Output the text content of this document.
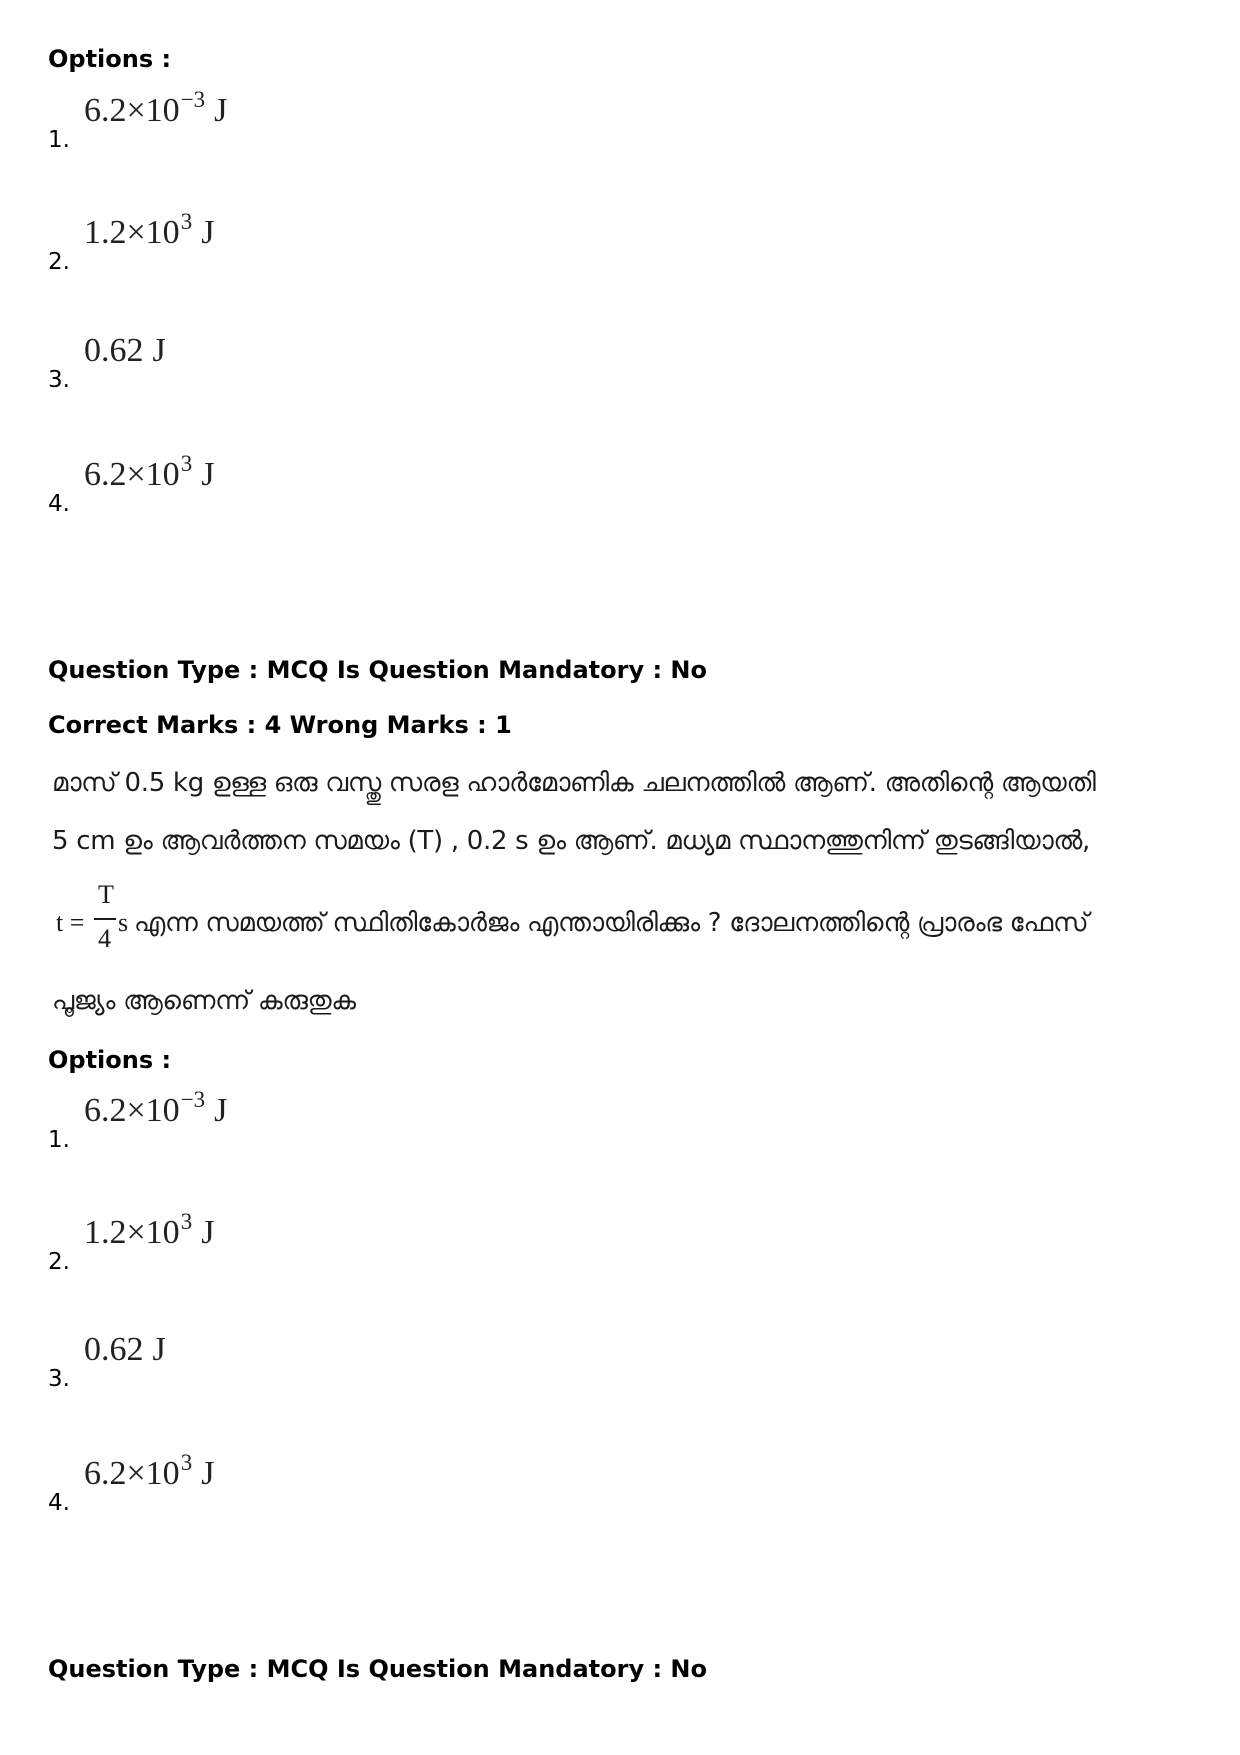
Options :
1.
$6.2\times 10^{-3}$ J
2.
$1.2\times 10^3$ J
3.
0.62 J
4.
$6.2\times 10^3$ J
Question Type : MCQ Is Question Mandatory : No
Correct Marks : 4 Wrong Marks : 1
മാസ് 0.5 kg ഉള്ള ഒരു വസ്തു സരള ഹാർമോണിക ചലനത്തിൽ ആണ്. അതിന്റെ ആയതി
5 cm ഉം ആവർത്തന സമയം (T) , 0.2 s ഉം ആണ്. മധ്യമ സ്ഥാനത്തുനിന്ന് തുടങ്ങിയാൽ,
t =
T
4
s എന്ന സമയത്ത് സ്ഥിതികോർജം എന്തായിരിക്കും ? ദോലനത്തിന്റെ പ്രാരംഭ ഫേസ്
പൂജ്യം ആണെന്ന് കരുതുക
Options :
1.
$6.2\times 10^{-3}$ J
2.
$1.2\times 10^3$ J
3.
0.62 J
4.
$6.2\times 10^3$ J
Question Type : MCQ Is Question Mandatory : No
